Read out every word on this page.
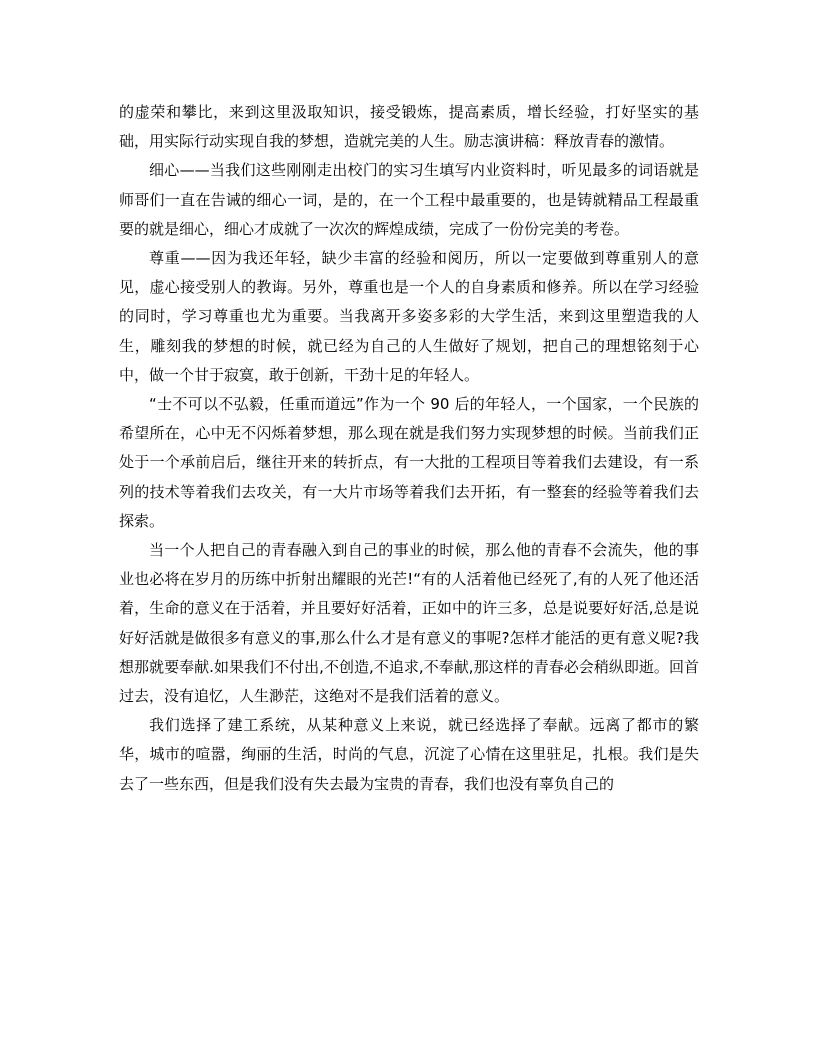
的虚荣和攀比，来到这里汲取知识，接受锻炼，提高素质，增长经验，打好坚实的基础，用实际行动实现自我的梦想，造就完美的人生。励志演讲稿：释放青春的激情。

细心——当我们这些刚刚走出校门的实习生填写内业资料时，听见最多的词语就是师哥们一直在告诫的细心一词，是的，在一个工程中最重要的，也是铸就精品工程最重要的就是细心，细心才成就了一次次的辉煌成绩，完成了一份份完美的考卷。

尊重——因为我还年轻，缺少丰富的经验和阅历，所以一定要做到尊重别人的意见，虚心接受别人的教诲。另外，尊重也是一个人的自身素质和修养。所以在学习经验的同时，学习尊重也尤为重要。当我离开多姿多彩的大学生活，来到这里塑造我的人生，雕刻我的梦想的时候，就已经为自己的人生做好了规划，把自己的理想铭刻于心中，做一个甘于寂寞，敢于创新，干劲十足的年轻人。

“士不可以不弘毅，任重而道远”作为一个 90 后的年轻人，一个国家，一个民族的希望所在，心中无不闪烁着梦想，那么现在就是我们努力实现梦想的时候。当前我们正处于一个承前启后，继往开来的转折点，有一大批的工程项目等着我们去建设，有一系列的技术等着我们去攻关，有一大片市场等着我们去开拓，有一整套的经验等着我们去探索。

当一个人把自己的青春融入到自己的事业的时候，那么他的青春不会流失，他的事业也必将在岁月的历练中折射出耀眼的光芒!“有的人活着他已经死了,有的人死了他还活着，生命的意义在于活着，并且要好好活着，正如中的许三多，总是说要好好活,总是说好好活就是做很多有意义的事,那么什么才是有意义的事呢?怎样才能活的更有意义呢?我想那就要奉献.如果我们不付出,不创造,不追求,不奉献,那这样的青春必会稍纵即逝。回首过去，没有追忆，人生渺茫，这绝对不是我们活着的意义。

我们选择了建工系统，从某种意义上来说，就已经选择了奉献。远离了都市的繁华，城市的喧嚣，绚丽的生活，时尚的气息，沉淀了心情在这里驻足，扎根。我们是失去了一些东西，但是我们没有失去最为宝贵的青春，我们也没有辜负自己的
